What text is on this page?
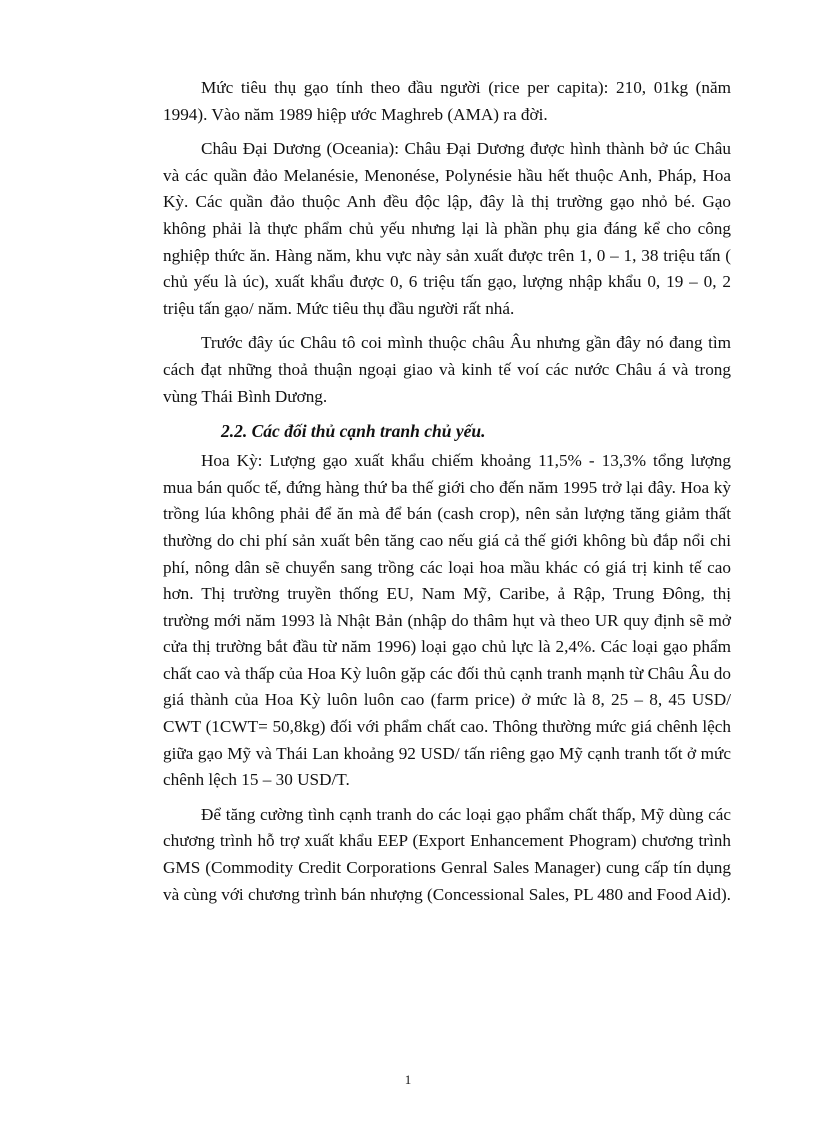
Mức tiêu thụ gạo tính theo đầu người (rice per capita): 210, 01kg (năm 1994). Vào năm 1989 hiệp ước Maghreb (AMA) ra đời.

Châu Đại Dương (Oceania): Châu Đại Dương được hình thành bở úc Châu và các quần đảo Melanésie, Menonése, Polynésie hầu hết thuộc Anh, Pháp, Hoa Kỳ. Các quần đảo thuộc Anh đều độc lập, đây là thị trường gạo nhỏ bé. Gạo không phải là thực phẩm chủ yếu nhưng lại là phần phụ gia đáng kể cho công nghiệp thức ăn. Hàng năm, khu vực này sản xuất được trên 1, 0 – 1, 38 triệu tấn ( chủ yếu là úc), xuất khẩu được 0, 6 triệu tấn gạo, lượng nhập khẩu 0, 19 – 0, 2 triệu tấn gạo/ năm. Mức tiêu thụ đầu người rất nhá.

Trước đây úc Châu tô coi mình thuộc châu Âu nhưng gần đây nó đang tìm cách đạt những thoả thuận ngoại giao và kinh tế voí các nước Châu á và trong vùng Thái Bình Dương.

2.2. Các đối thủ cạnh tranh chủ yếu.

Hoa Kỳ: Lượng gạo xuất khẩu chiếm khoảng 11,5% - 13,3% tổng lượng mua bán quốc tế, đứng hàng thứ ba thế giới cho đến năm 1995 trở lại đây. Hoa kỳ trồng lúa không phải để ăn mà để bán (cash crop), nên sản lượng tăng giảm thất thường do chi phí sản xuất bên tăng cao nếu giá cả thế giới không bù đắp nổi chi phí, nông dân sẽ chuyển sang trồng các loại hoa mầu khác có giá trị kinh tế cao hơn. Thị trường truyền thống EU, Nam Mỹ, Caribe, ả Rập, Trung Đông, thị trường mới năm 1993 là Nhật Bản (nhập do thâm hụt và theo UR quy định sẽ mở cửa thị trường bắt đầu từ năm 1996) loại gạo chủ lực là 2,4%. Các loại gạo phẩm chất cao và thấp của Hoa Kỳ luôn gặp các đối thủ cạnh tranh mạnh từ Châu Âu do giá thành của Hoa Kỳ luôn luôn cao (farm price) ở mức là 8, 25 – 8, 45 USD/ CWT (1CWT= 50,8kg) đối với phẩm chất cao. Thông thường mức giá chênh lệch giữa gạo Mỹ và Thái Lan khoảng 92 USD/ tấn riêng gạo Mỹ cạnh tranh tốt ở mức chênh lệch 15 – 30 USD/T.

Để tăng cường tình cạnh tranh do các loại gạo phẩm chất thấp, Mỹ dùng các chương trình hỗ trợ xuất khẩu EEP (Export Enhancement Phogram) chương trình GMS (Commodity Credit Corporations Genral Sales Manager) cung cấp tín dụng và cùng với chương trình bán nhượng (Concessional Sales, PL 480 and Food Aid).

1
